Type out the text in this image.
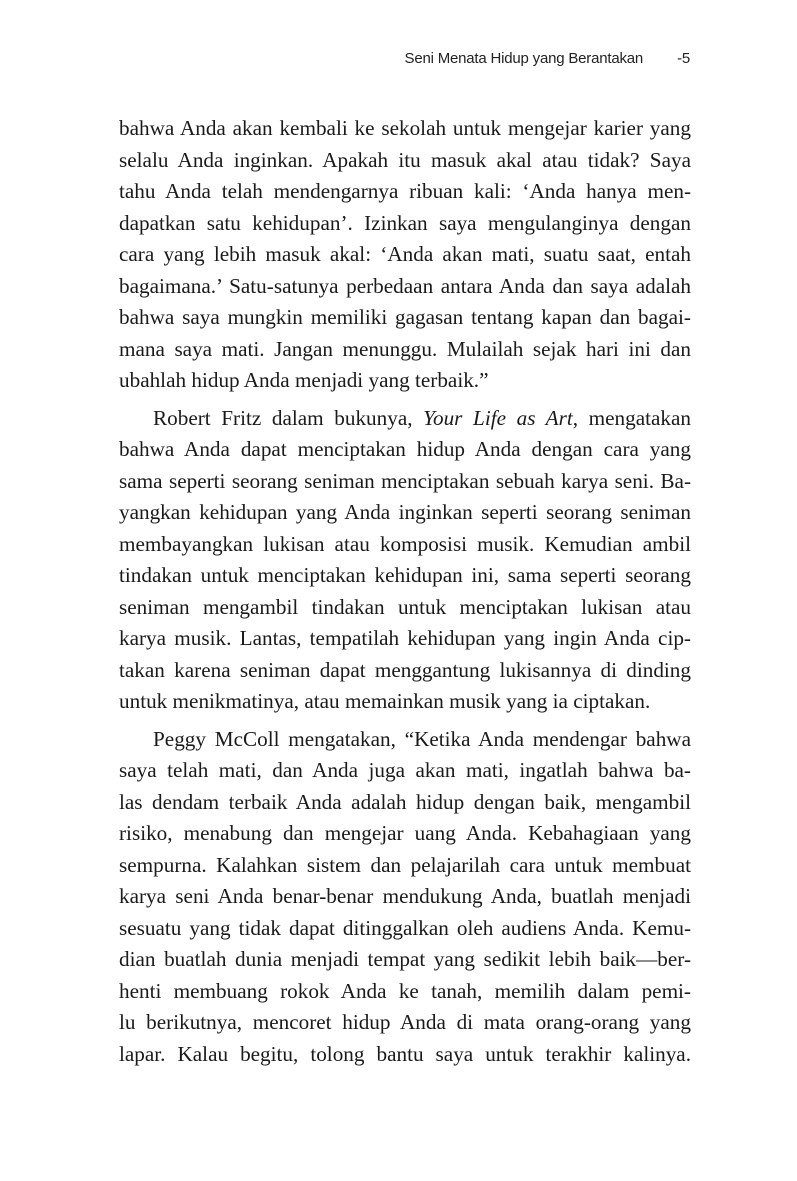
Seni Menata Hidup yang Berantakan -5

bahwa Anda akan kembali ke sekolah untuk mengejar karier yang
selalu Anda inginkan. Apakah itu masuk akal atau tidak? Saya
tahu Anda telah mendengarnya ribuan kali: ‘Anda hanya men-
dapatkan satu kehidupan’. Izinkan saya mengulanginya dengan
cara yang lebih masuk akal: ‘Anda akan mati, suatu saat, entah
bagaimana.’ Satu-satunya perbedaan antara Anda dan saya adalah
bahwa saya mungkin memiliki gagasan tentang kapan dan bagai-
mana saya mati. Jangan menunggu. Mulailah sejak hari ini dan
ubahlah hidup Anda menjadi yang terbaik.”

Robert Fritz dalam bukunya, Your Life as Art, mengatakan
bahwa Anda dapat menciptakan hidup Anda dengan cara yang
sama seperti seorang seniman menciptakan sebuah karya seni. Ba-
yangkan kehidupan yang Anda inginkan seperti seorang seniman
membayangkan lukisan atau komposisi musik. Kemudian ambil
tindakan untuk menciptakan kehidupan ini, sama seperti seorang
seniman mengambil tindakan untuk menciptakan lukisan atau
karya musik. Lantas, tempatilah kehidupan yang ingin Anda cip-
takan karena seniman dapat menggantung lukisannya di dinding
untuk menikmatinya, atau memainkan musik yang ia ciptakan.

Peggy McColl mengatakan, “Ketika Anda mendengar bahwa
saya telah mati, dan Anda juga akan mati, ingatlah bahwa ba-
las dendam terbaik Anda adalah hidup dengan baik, mengambil
risiko, menabung dan mengejar uang Anda. Kebahagiaan yang
sempurna. Kalahkan sistem dan pelajarilah cara untuk membuat
karya seni Anda benar-benar mendukung Anda, buatlah menjadi
sesuatu yang tidak dapat ditinggalkan oleh audiens Anda. Kemu-
dian buatlah dunia menjadi tempat yang sedikit lebih baik—ber-
henti membuang rokok Anda ke tanah, memilih dalam pemi-
lu berikutnya, mencoret hidup Anda di mata orang-orang yang
lapar. Kalau begitu, tolong bantu saya untuk terakhir kalinya.
